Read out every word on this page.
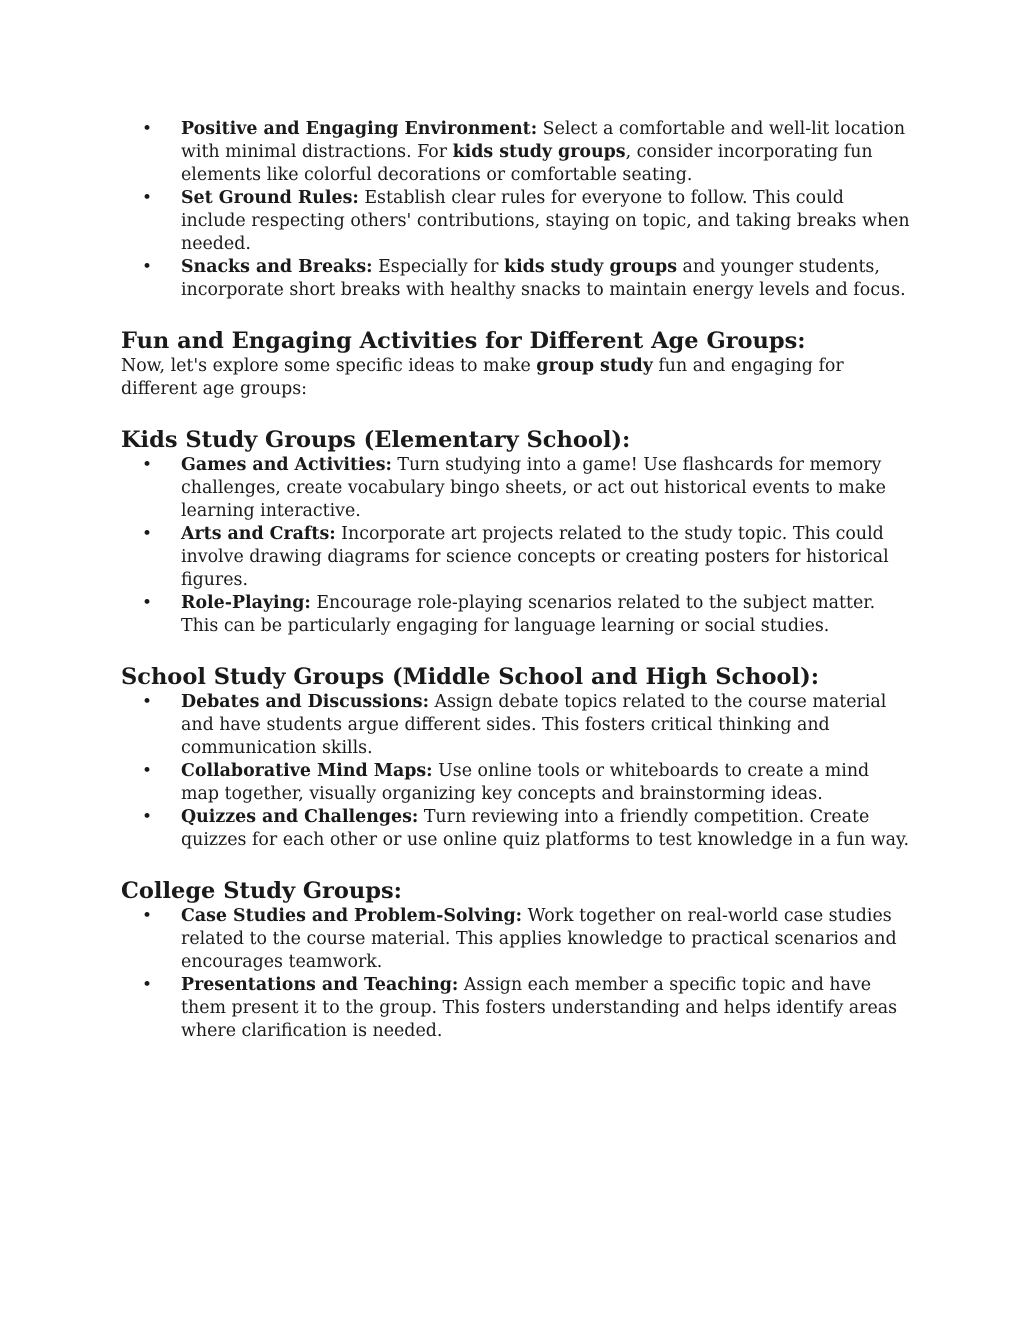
• Positive and Engaging Environment: Select a comfortable and well-lit location with minimal distractions. For kids study groups, consider incorporating fun elements like colorful decorations or comfortable seating.
• Set Ground Rules: Establish clear rules for everyone to follow. This could include respecting others' contributions, staying on topic, and taking breaks when needed.
• Snacks and Breaks: Especially for kids study groups and younger students, incorporate short breaks with healthy snacks to maintain energy levels and focus.
Fun and Engaging Activities for Different Age Groups:

Now, let's explore some specific ideas to make group study fun and engaging for different age groups:

Kids Study Groups (Elementary School):
• Games and Activities: Turn studying into a game! Use flashcards for memory challenges, create vocabulary bingo sheets, or act out historical events to make learning interactive.
• Arts and Crafts: Incorporate art projects related to the study topic. This could involve drawing diagrams for science concepts or creating posters for historical figures.
• Role-Playing: Encourage role-playing scenarios related to the subject matter. This can be particularly engaging for language learning or social studies.
School Study Groups (Middle School and High School):
• Debates and Discussions: Assign debate topics related to the course material and have students argue different sides. This fosters critical thinking and communication skills.
• Collaborative Mind Maps: Use online tools or whiteboards to create a mind map together, visually organizing key concepts and brainstorming ideas.
• Quizzes and Challenges: Turn reviewing into a friendly competition. Create quizzes for each other or use online quiz platforms to test knowledge in a fun way.
College Study Groups:
• Case Studies and Problem-Solving: Work together on real-world case studies related to the course material. This applies knowledge to practical scenarios and encourages teamwork.
• Presentations and Teaching: Assign each member a specific topic and have them present it to the group. This fosters understanding and helps identify areas where clarification is needed.
